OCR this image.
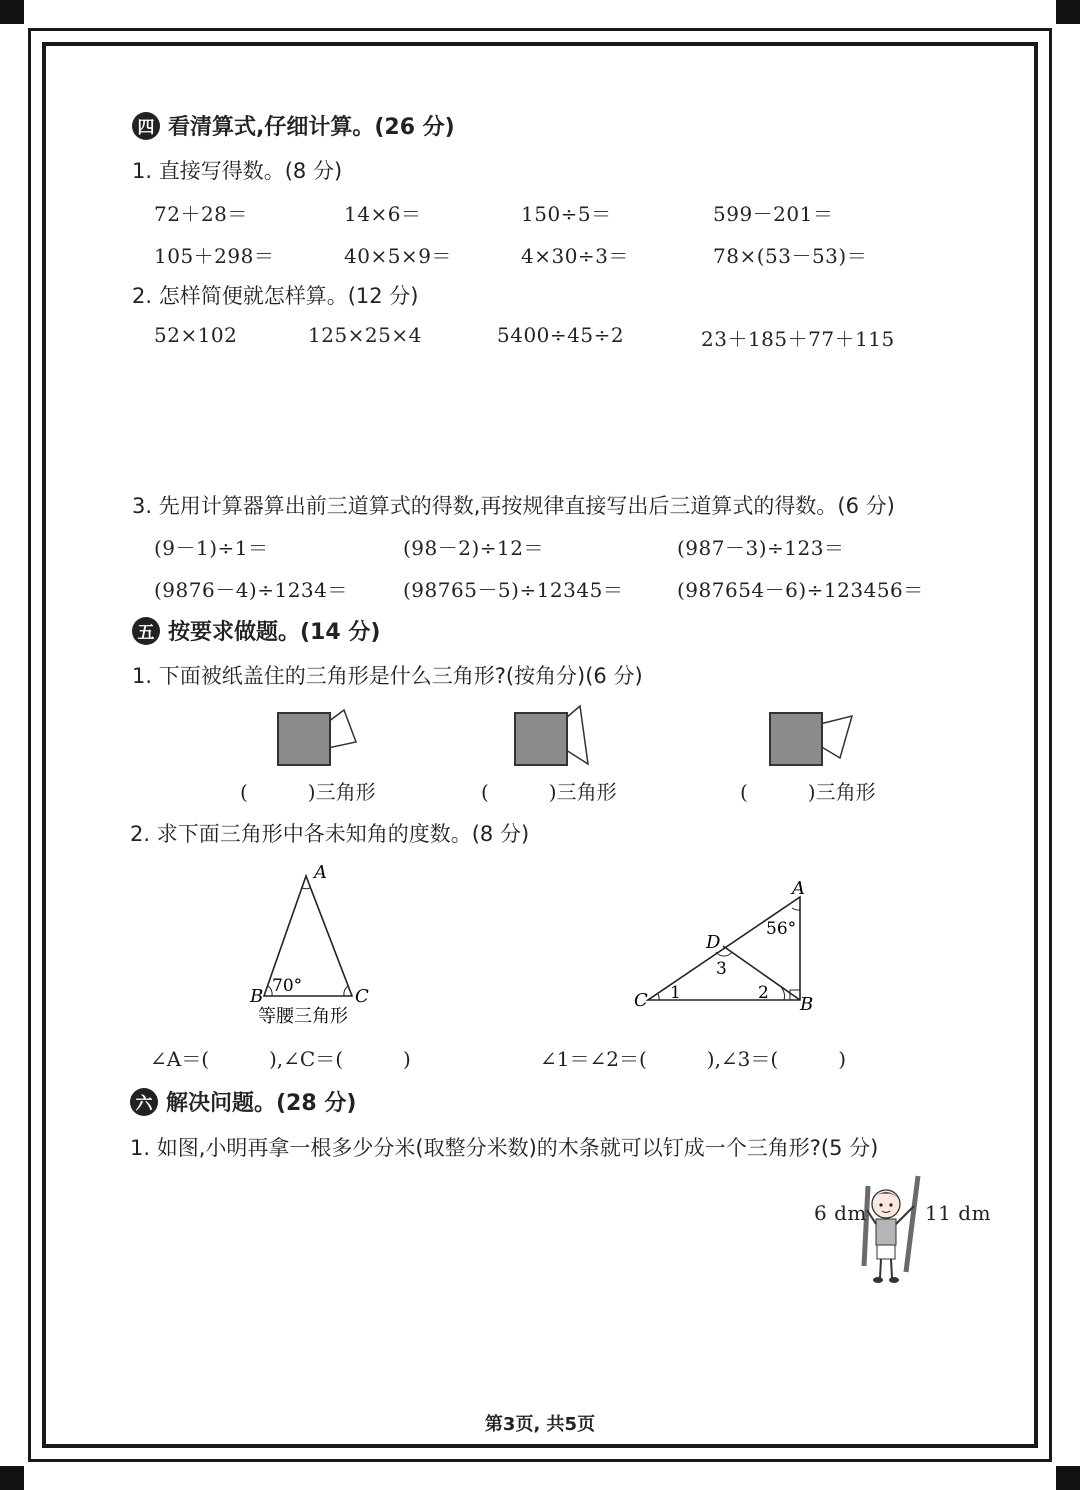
四 看清算式,仔细计算。(26 分)
1. 直接写得数。(8 分)
72＋28＝	14×6＝	150÷5＝	599－201＝
105＋298＝	40×5×9＝	4×30÷3＝	78×(53－53)＝
2. 怎样简便就怎样算。(12 分)
52×102	125×25×4	5400÷45÷2	23＋185＋77＋115
3. 先用计算器算出前三道算式的得数,再按规律直接写出后三道算式的得数。(6 分)
(9－1)÷1＝	(98－2)÷12＝	(987－3)÷123＝
(9876－4)÷1234＝	(98765－5)÷12345＝	(987654－6)÷123456＝
五 按要求做题。(14 分)
1. 下面被纸盖住的三角形是什么三角形?(按角分)(6 分)
(　　　)三角形	(　　　)三角形	(　　　)三角形
2. 求下面三角形中各未知角的度数。(8 分)
A
B	C
70°
等腰三角形
A
B
C
D
56°
1	2
3
∠A＝(　　　),∠C＝(　　　)	∠1＝∠2＝(　　　),∠3＝(　　　)
六 解决问题。(28 分)
1. 如图,小明再拿一根多少分米(取整分米数)的木条就可以钉成一个三角形?(5 分)
6 dm	11 dm
第3页, 共5页
